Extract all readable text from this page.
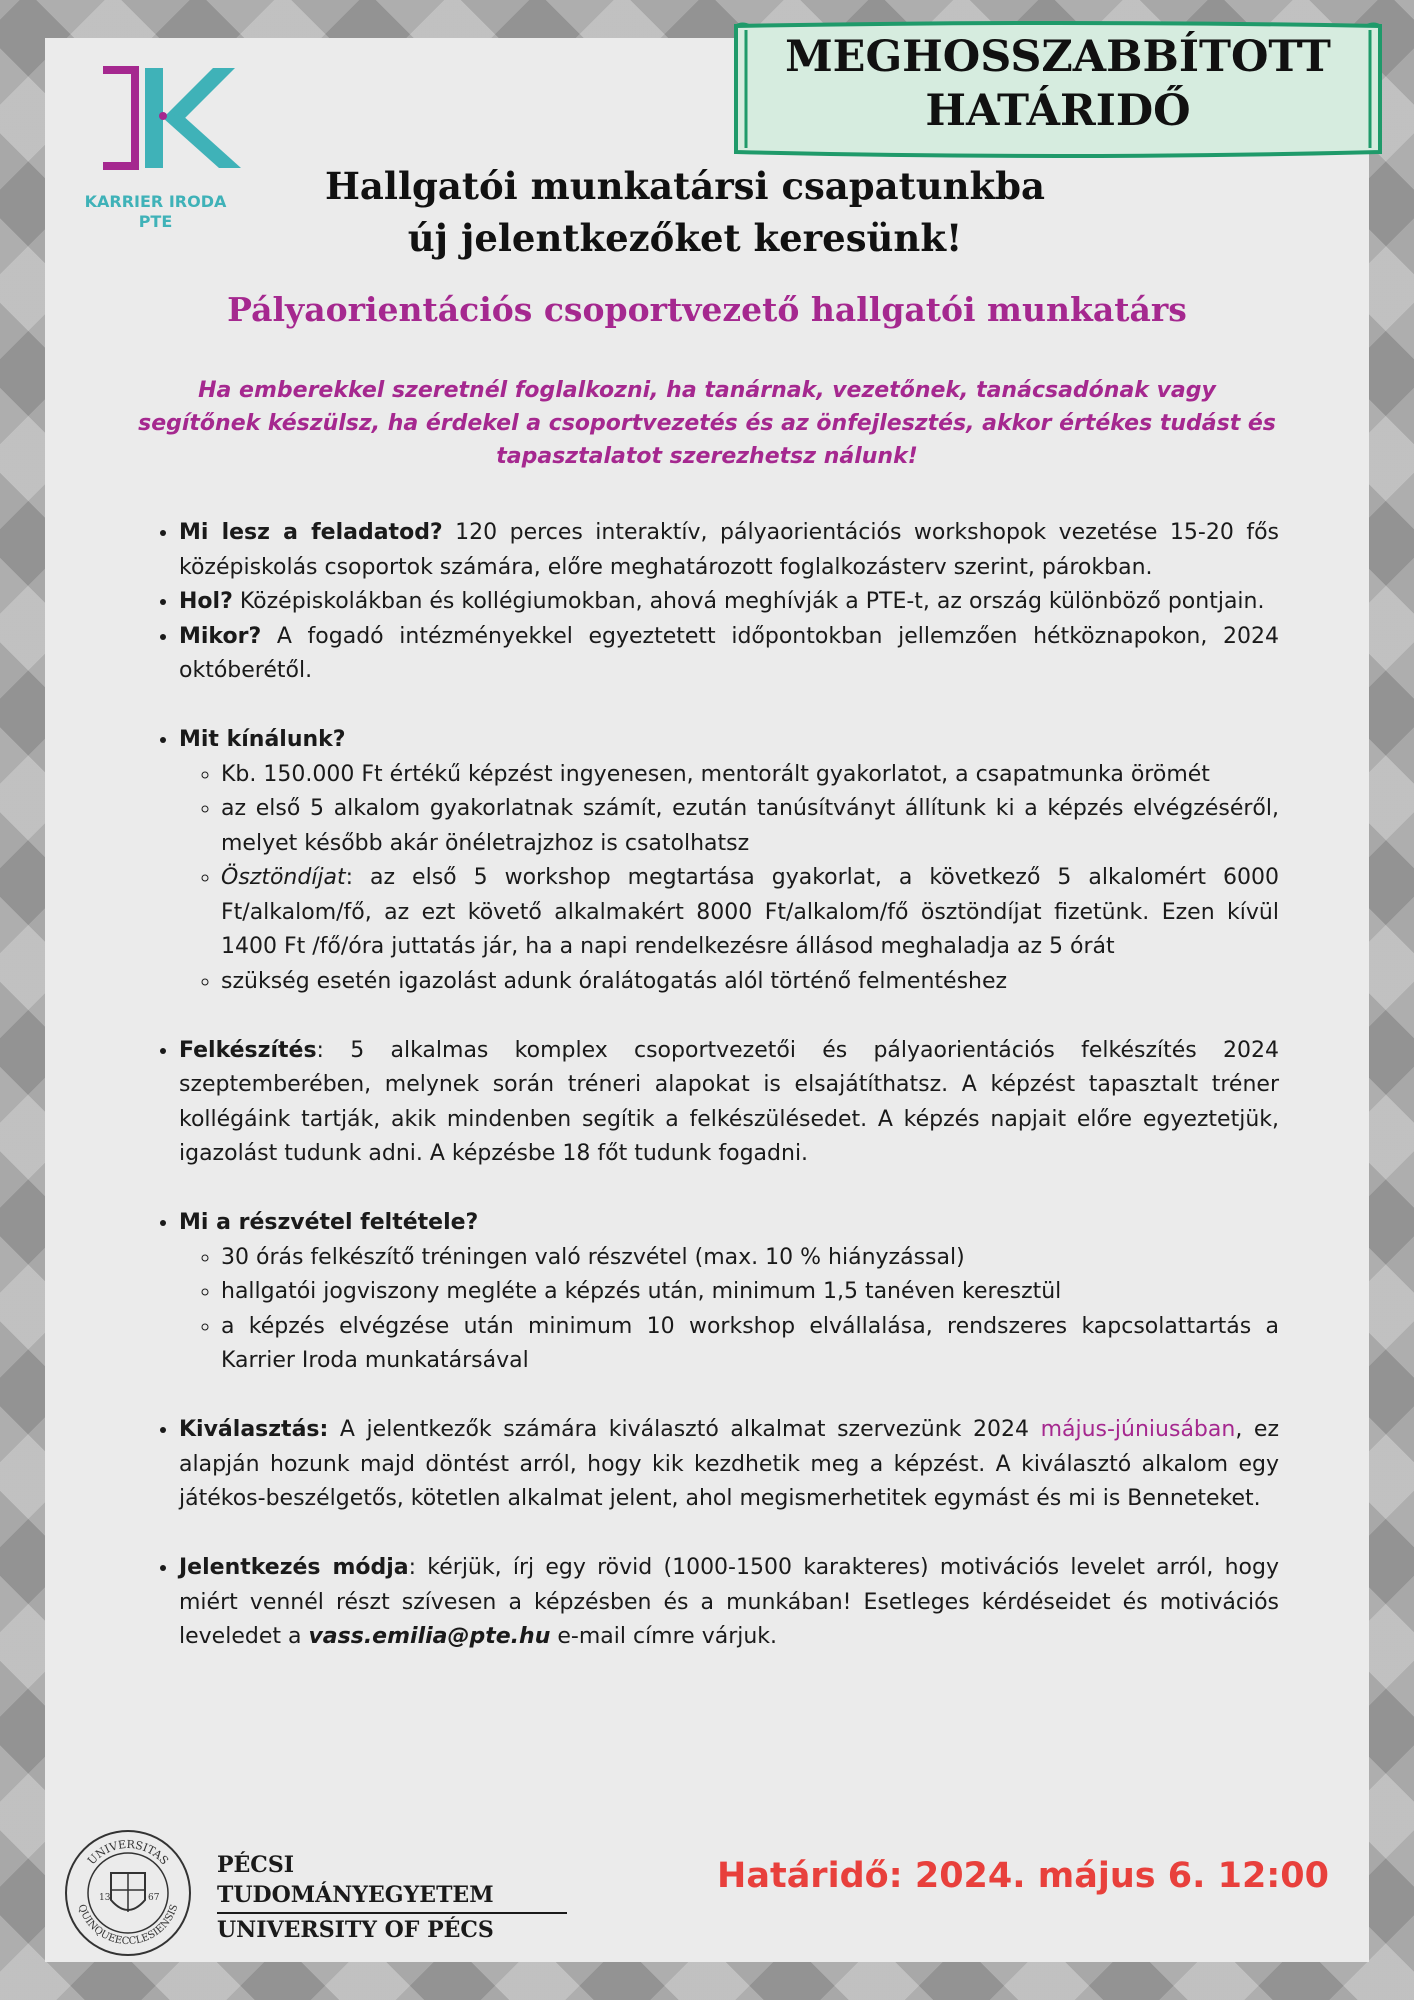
KARRIER IRODA
PTE
MEGHOSSZABBÍTOTT
HATÁRIDŐ
Hallgatói munkatársi csapatunkba
új jelentkezőket keresünk!
Pályaorientációs csoportvezető hallgatói munkatárs

Ha emberekkel szeretnél foglalkozni, ha tanárnak, vezetőnek, tanácsadónak vagy segítőnek készülsz, ha érdekel a csoportvezetés és az önfejlesztés, akkor értékes tudást és tapasztalatot szerezhetsz nálunk!

• Mi lesz a feladatod? 120 perces interaktív, pályaorientációs workshopok vezetése 15-20 fős középiskolás csoportok számára, előre meghatározott foglalkozásterv szerint, párokban.
• Hol? Középiskolákban és kollégiumokban, ahová meghívják a PTE-t, az ország különböző pontjain.
• Mikor? A fogadó intézményekkel egyeztetett időpontokban jellemzően hétköznapokon, 2024 októberétől.
• Mit kínálunk?
◦ Kb. 150.000 Ft értékű képzést ingyenesen, mentorált gyakorlatot, a csapatmunka örömét
◦ az első 5 alkalom gyakorlatnak számít, ezután tanúsítványt állítunk ki a képzés elvégzéséről, melyet később akár önéletrajzhoz is csatolhatsz
◦ Ösztöndíjat: az első 5 workshop megtartása gyakorlat, a következő 5 alkalomért 6000 Ft/alkalom/fő, az ezt követő alkalmakért 8000 Ft/alkalom/fő ösztöndíjat fizetünk. Ezen kívül 1400 Ft /fő/óra juttatás jár, ha a napi rendelkezésre állásod meghaladja az 5 órát
◦ szükség esetén igazolást adunk óralátogatás alól történő felmentéshez
• Felkészítés: 5 alkalmas komplex csoportvezetői és pályaorientációs felkészítés 2024 szeptemberében, melynek során tréneri alapokat is elsajátíthatsz. A képzést tapasztalt tréner kollégáink tartják, akik mindenben segítik a felkészülésedet. A képzés napjait előre egyeztetjük, igazolást tudunk adni. A képzésbe 18 főt tudunk fogadni.
• Mi a részvétel feltétele?
◦ 30 órás felkészítő tréningen való részvétel (max. 10 % hiányzással)
◦ hallgatói jogviszony megléte a képzés után, minimum 1,5 tanéven keresztül
◦ a képzés elvégzése után minimum 10 workshop elvállalása, rendszeres kapcsolattartás a Karrier Iroda munkatársával
• Kiválasztás: A jelentkezők számára kiválasztó alkalmat szervezünk 2024 május-júniusában, ez alapján hozunk majd döntést arról, hogy kik kezdhetik meg a képzést. A kiválasztó alkalom egy játékos-beszélgetős, kötetlen alkalmat jelent, ahol megismerhetitek egymást és mi is Benneteket.
• Jelentkezés módja: kérjük, írj egy rövid (1000-1500 karakteres) motivációs levelet arról, hogy miért vennél részt szívesen a képzésben és a munkában! Esetleges kérdéseidet és motivációs leveledet a vass.emilia@pte.hu e-mail címre várjuk.
UNIVERSITAS
QUINQUEECCLESIENSIS
13	67
PÉCSI TUDOMÁNYEGYETEM
UNIVERSITY OF PÉCS

Határidő: 2024. május 6. 12:00
